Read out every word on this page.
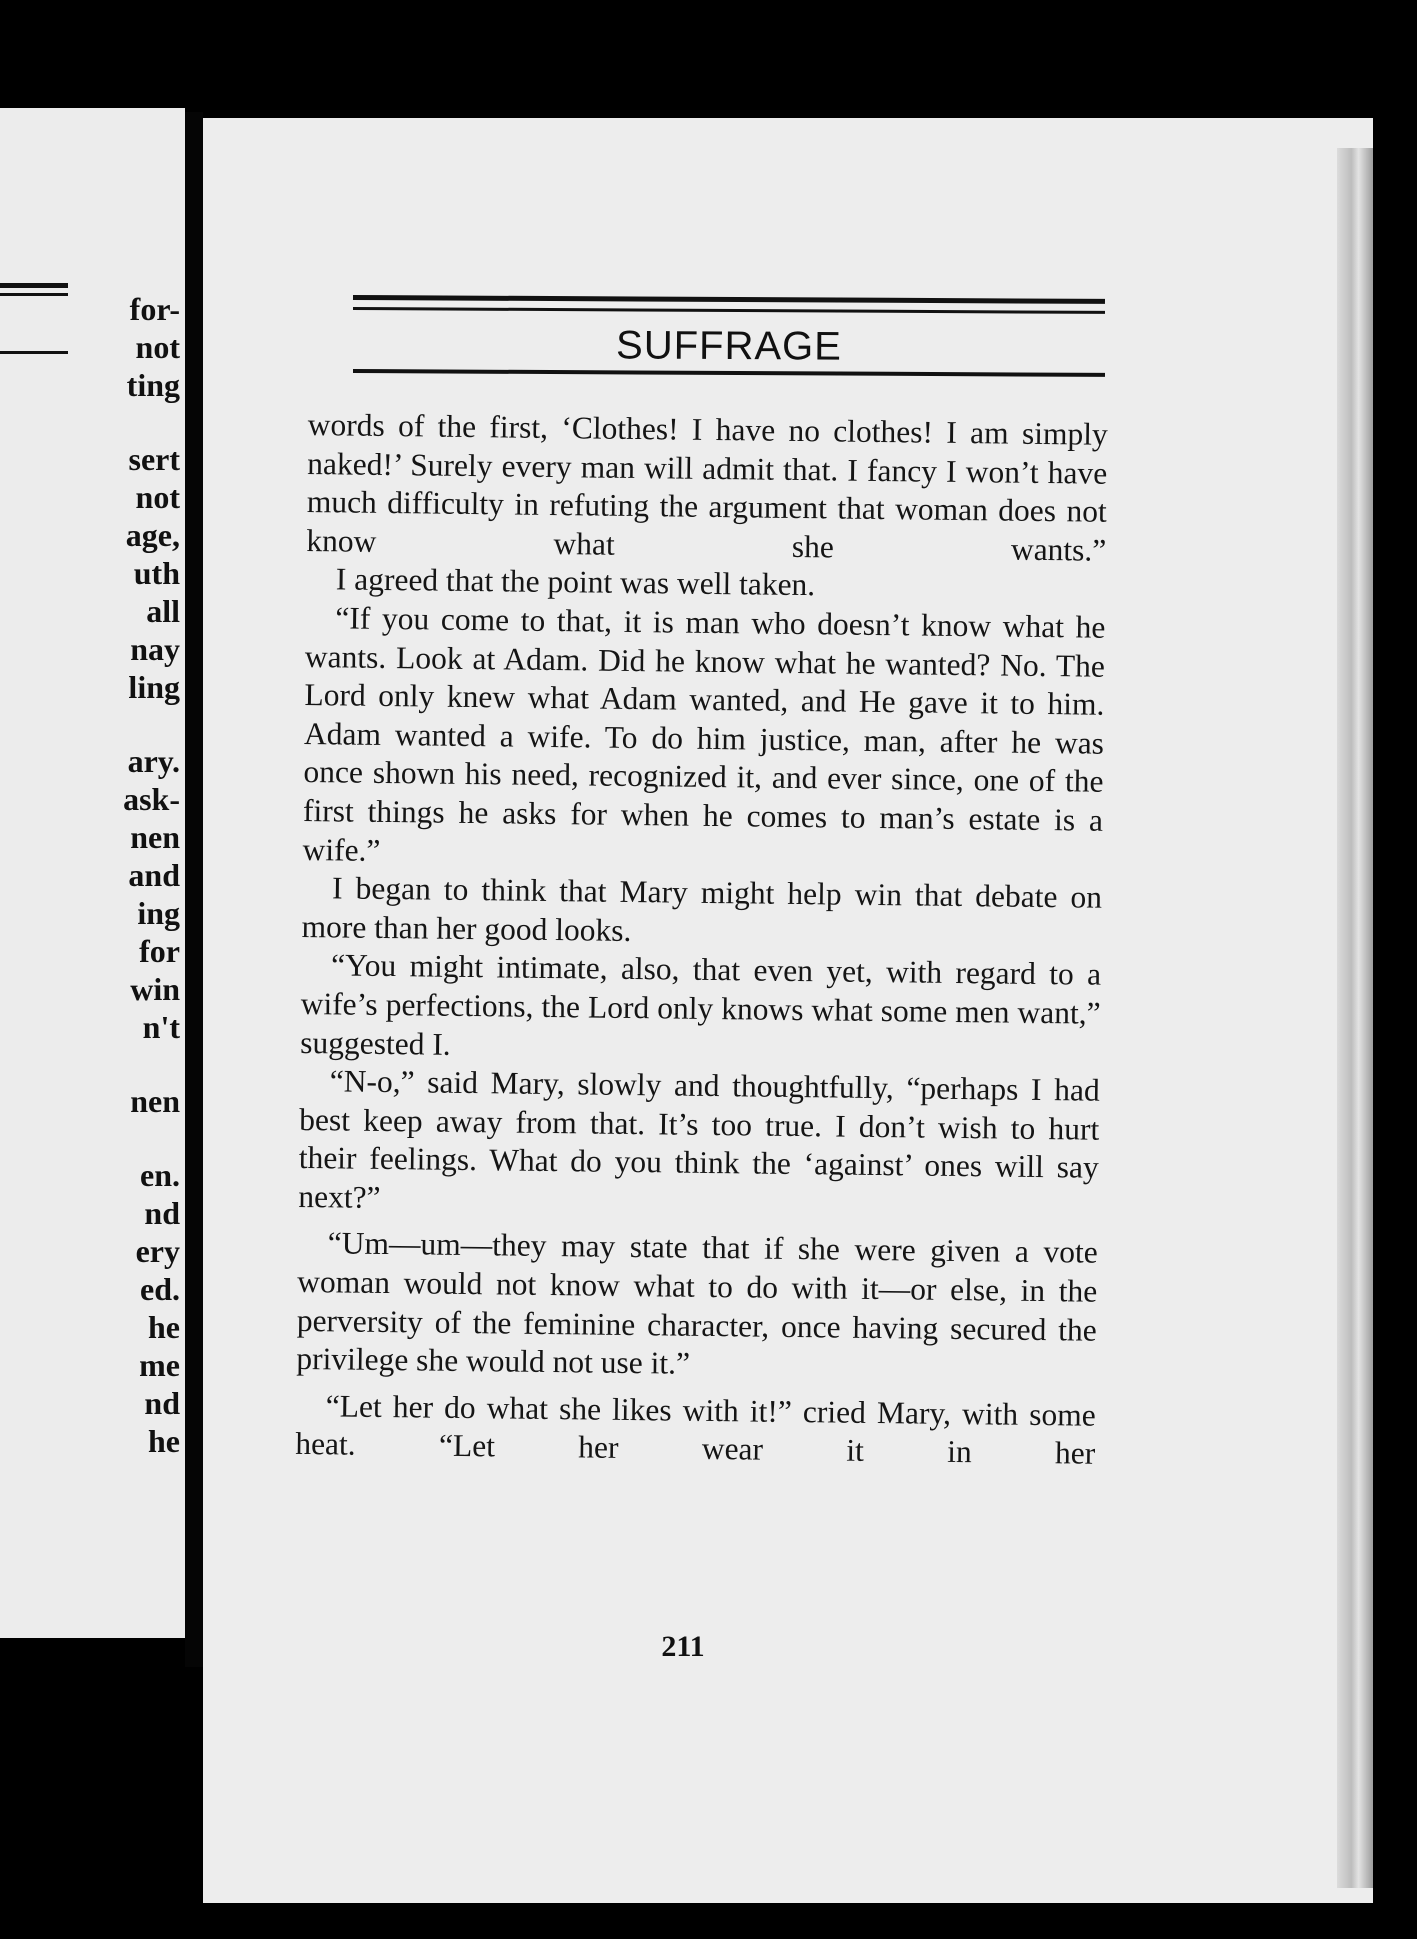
for-
not
ting
sert
not
age,
uth
all
nay
ling
ary.
ask-
nen
and
ing
for
win
n't
nen
en.
nd
ery
ed.
he
me
nd
he
SUFFRAGE

words of the first, ‘Clothes! I have no clothes! I am simply naked!’ Surely every man will admit that. I fancy I won’t have much difficulty in refuting the argument that woman does not know what she wants.”

I agreed that the point was well taken.

“If you come to that, it is man who doesn’t know what he wants. Look at Adam. Did he know what he wanted? No. The Lord only knew what Adam wanted, and He gave it to him. Adam wanted a wife. To do him justice, man, after he was once shown his need, recognized it, and ever since, one of the first things he asks for when he comes to man’s estate is a wife.”

I began to think that Mary might help win that debate on more than her good looks.

“You might intimate, also, that even yet, with regard to a wife’s perfections, the Lord only knows what some men want,” suggested I.

“N-o,” said Mary, slowly and thoughtfully, “perhaps I had best keep away from that. It’s too true. I don’t wish to hurt their feelings. What do you think the ‘against’ ones will say next?”

“Um—um—they may state that if she were given a vote woman would not know what to do with it—or else, in the perversity of the feminine character, once having secured the privilege she would not use it.”

“Let her do what she likes with it!” cried Mary, with some heat. “Let her wear it in her

211
